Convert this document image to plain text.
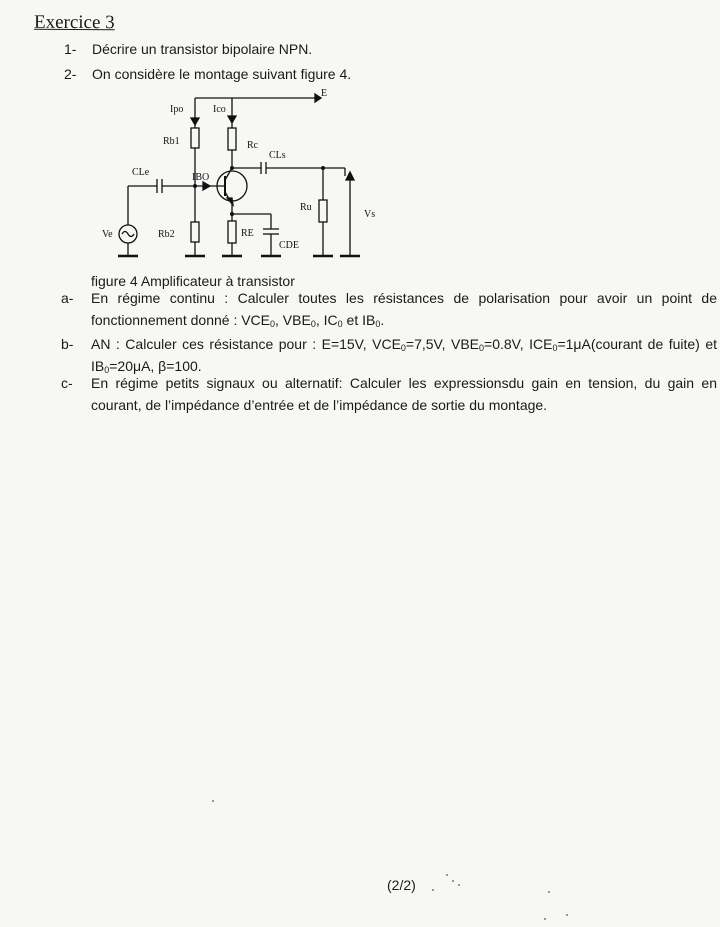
Exercice 3
1- Décrire un transistor bipolaire NPN.
2- On considère le montage suivant figure 4.
E
Ipo	Ico
Rb1	Rc
CLs
CLe	IBO
Ru
Vs
Ve	Rb2	RE
CDE
figure 4 Amplificateur à transistor
a- En régime continu : Calculer toutes les résistances de polarisation pour avoir un point de fonctionnement donné : $VCE_0$, $VBE_0$, $IC_0$ et $IB_0$.
b- AN : Calculer ces résistance pour : E=15V, $VCE_0=7,5V$, $VBE_0=0.8V$, $ICE_0=1\mu A(courant$ de fuite) et $IB_0=20\mu A$, β=100.
c- En régime petits signaux ou alternatif: Calculer les expressionsdu gain en tension, du gain en courant, de l’impédance d’entrée et de l’impédance de sortie du montage.
(2/2)
